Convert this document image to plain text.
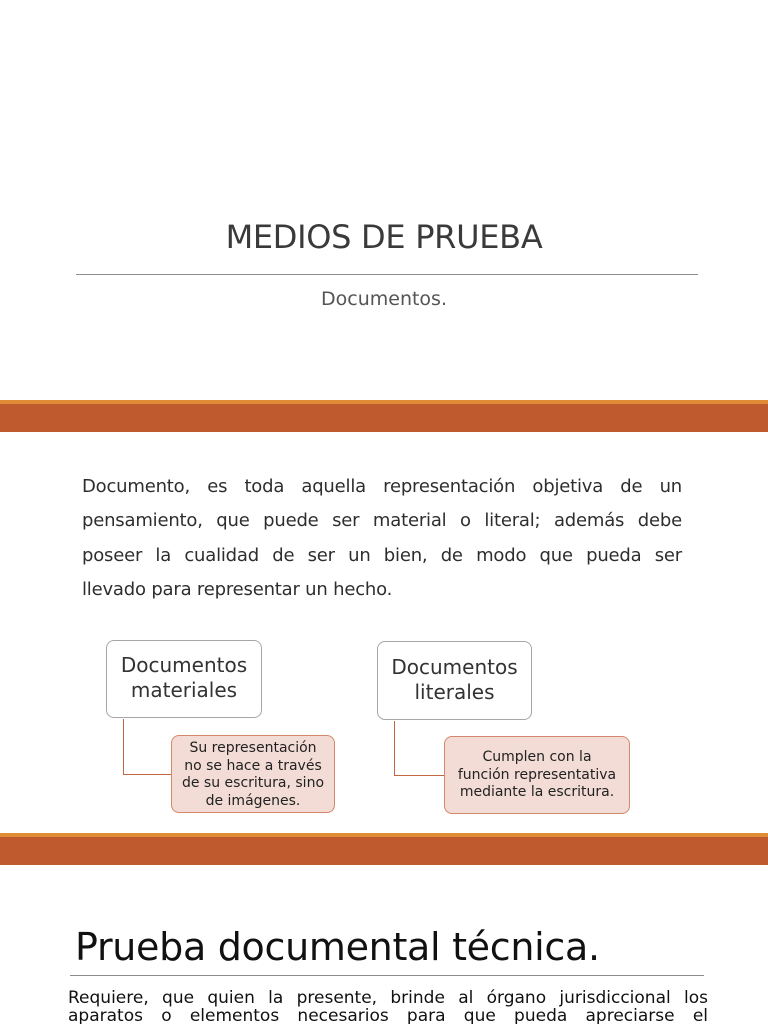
MEDIOS DE PRUEBA
Documentos.
Documento, es toda aquella representación objetiva de un
pensamiento, que puede ser material o literal; además debe
poseer la cualidad de ser un bien, de modo que pueda ser
llevado para representar un hecho.
Documentos
materiales
Documentos
literales
Su representación
no se hace a través
de su escritura, sino
de imágenes.
Cumplen con la
función representativa
mediante la escritura.
Prueba documental técnica.
Requiere, que quien la presente, brinde al órgano jurisdiccional los
aparatos o elementos necesarios para que pueda apreciarse el
